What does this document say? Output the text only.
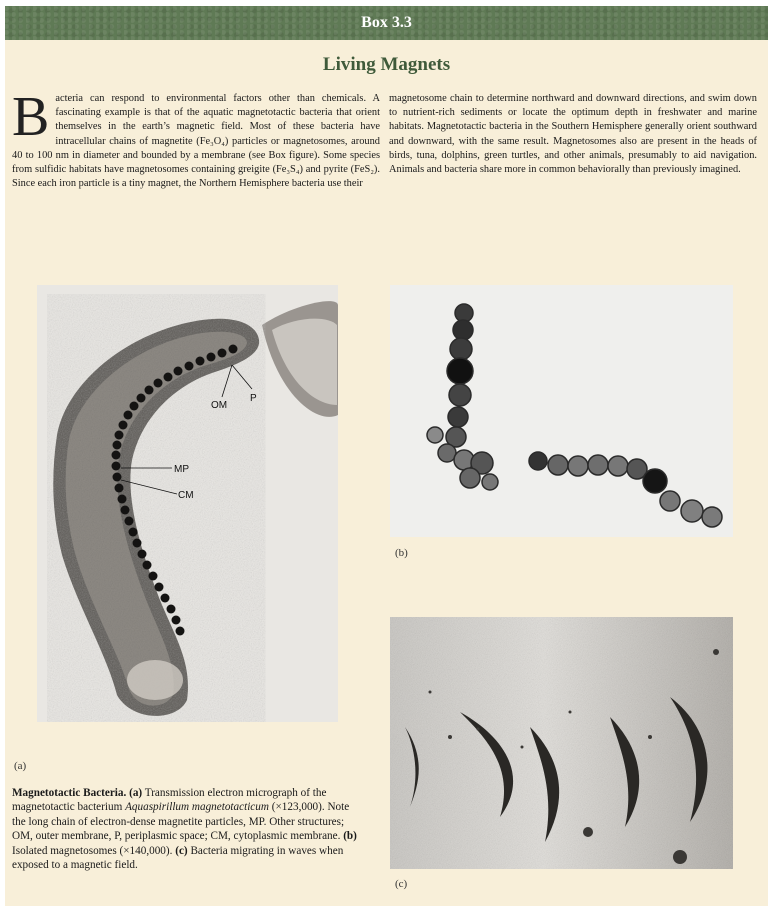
Box 3.3
Living Magnets
B acteria can respond to environmental factors other than chemicals. A fascinating example is that of the aquatic magnetotactic bacteria that orient themselves in the earth’s magnetic field. Most of these bacteria have intracellular chains of magnetite (Fe₃O₄) particles or magnetosomes, around 40 to 100 nm in diameter and bounded by a membrane (see Box figure). Some species from sulfidic habitats have magnetosomes containing greigite (Fe₃S₄) and pyrite (FeS₂). Since each iron particle is a tiny magnet, the Northern Hemisphere bacteria use their

magnetosome chain to determine northward and downward directions, and swim down to nutrient-rich sediments or locate the optimum depth in freshwater and marine habitats. Magnetotactic bacteria in the Southern Hemisphere generally orient southward and downward, with the same result. Magnetosomes also are present in the heads of birds, tuna, dolphins, green turtles, and other animals, presumably to aid navigation. Animals and bacteria share more in common behaviorally than previously imagined.

OM
P
MP
CM
(a)
(b)
(c)
Magnetotactic Bacteria. (a) Transmission electron micrograph of the magnetotactic bacterium Aquaspirillum magnetotacticum (×123,000). Note the long chain of electron-dense magnetite particles, MP. Other structures; OM, outer membrane, P, periplasmic space; CM, cytoplasmic membrane. (b) Isolated magnetosomes (×140,000). (c) Bacteria migrating in waves when exposed to a magnetic field.
